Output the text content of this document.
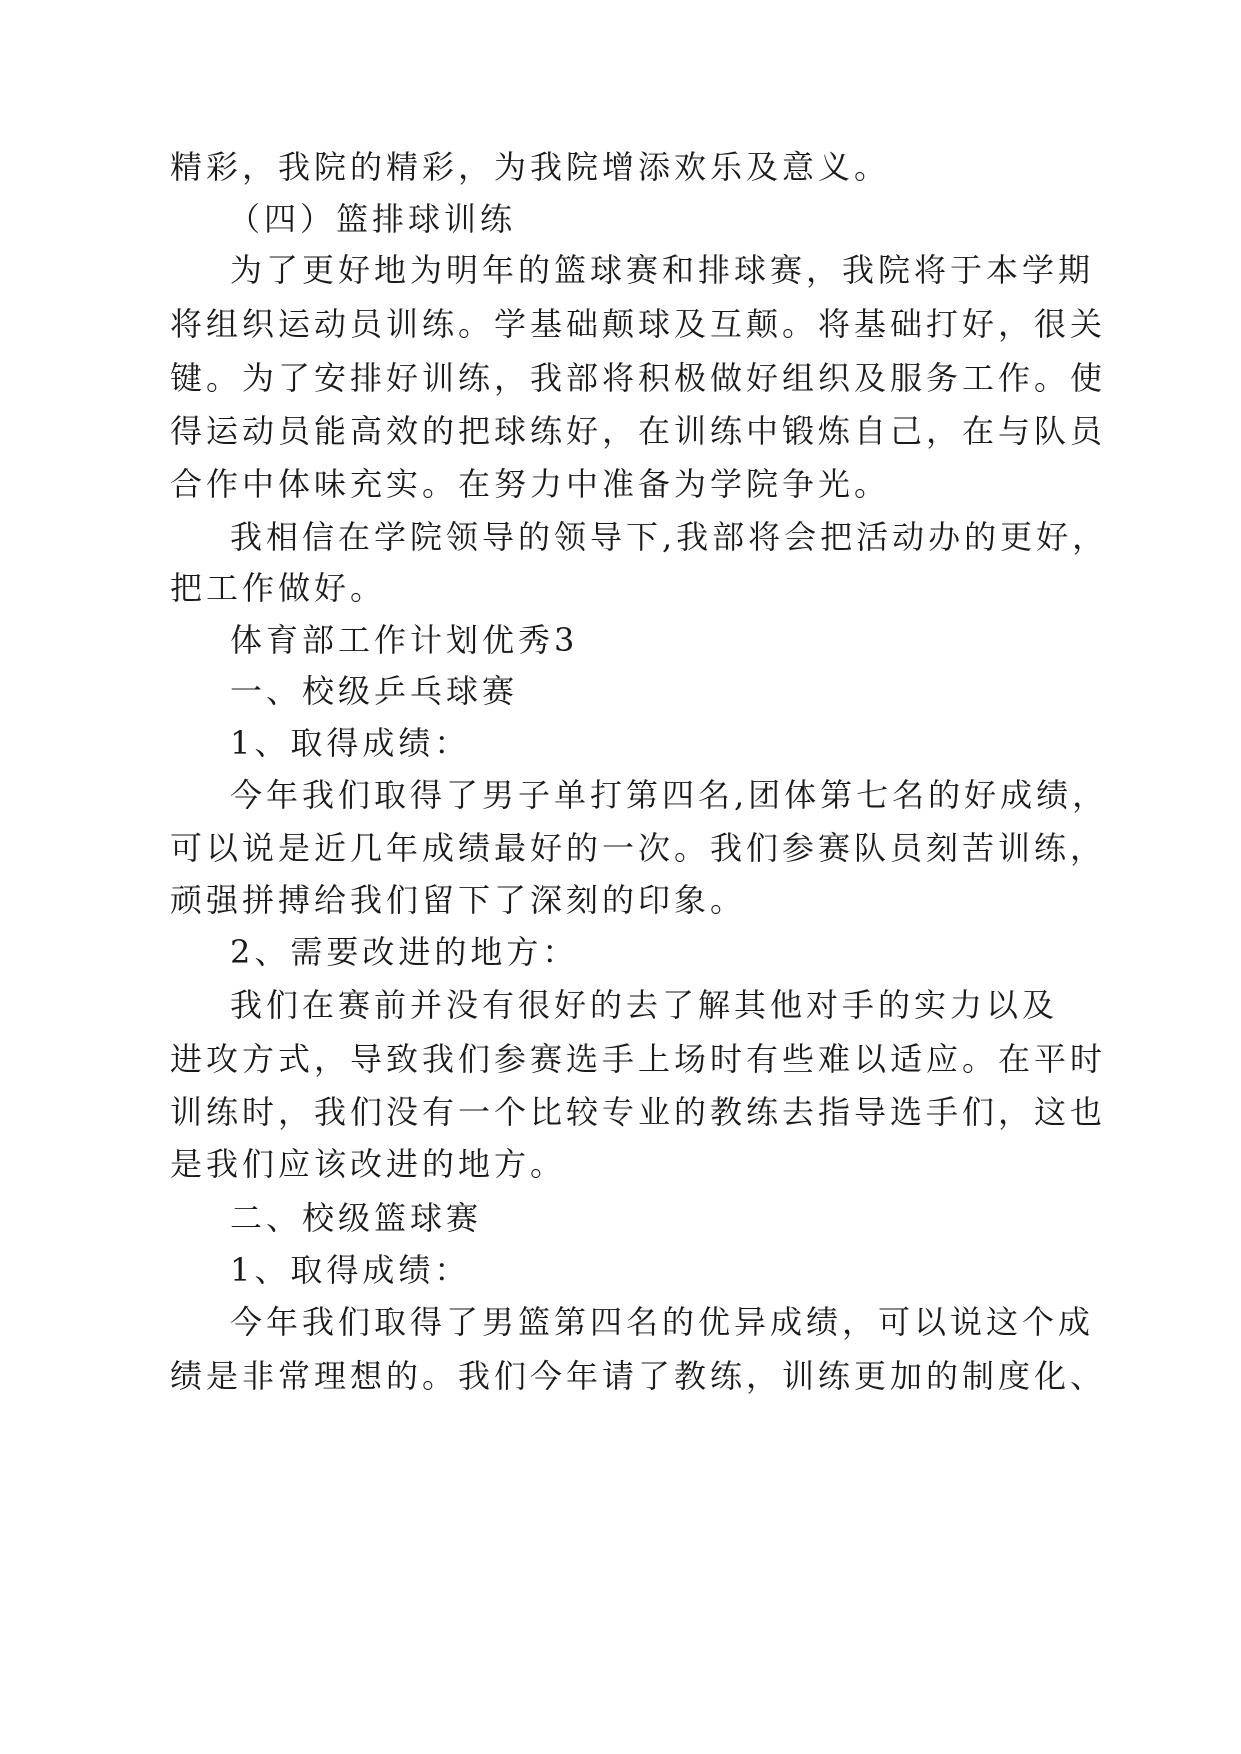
精彩，我院的精彩，为我院增添欢乐及意义。
（四）篮排球训练
为了更好地为明年的篮球赛和排球赛，我院将于本学期
将组织运动员训练。学基础颠球及互颠。将基础打好，很关
键。为了安排好训练，我部将积极做好组织及服务工作。使
得运动员能高效的把球练好，在训练中锻炼自己，在与队员
合作中体味充实。在努力中准备为学院争光。
我相信在学院领导的领导下,我部将会把活动办的更好，
把工作做好。
体育部工作计划优秀3
一、校级乒乓球赛
1、取得成绩：
今年我们取得了男子单打第四名,团体第七名的好成绩，
可以说是近几年成绩最好的一次。我们参赛队员刻苦训练，
顽强拼搏给我们留下了深刻的印象。
2、需要改进的地方：
我们在赛前并没有很好的去了解其他对手的实力以及
进攻方式，导致我们参赛选手上场时有些难以适应。在平时
训练时，我们没有一个比较专业的教练去指导选手们，这也
是我们应该改进的地方。
二、校级篮球赛
1、取得成绩：
今年我们取得了男篮第四名的优异成绩，可以说这个成
绩是非常理想的。我们今年请了教练，训练更加的制度化、
